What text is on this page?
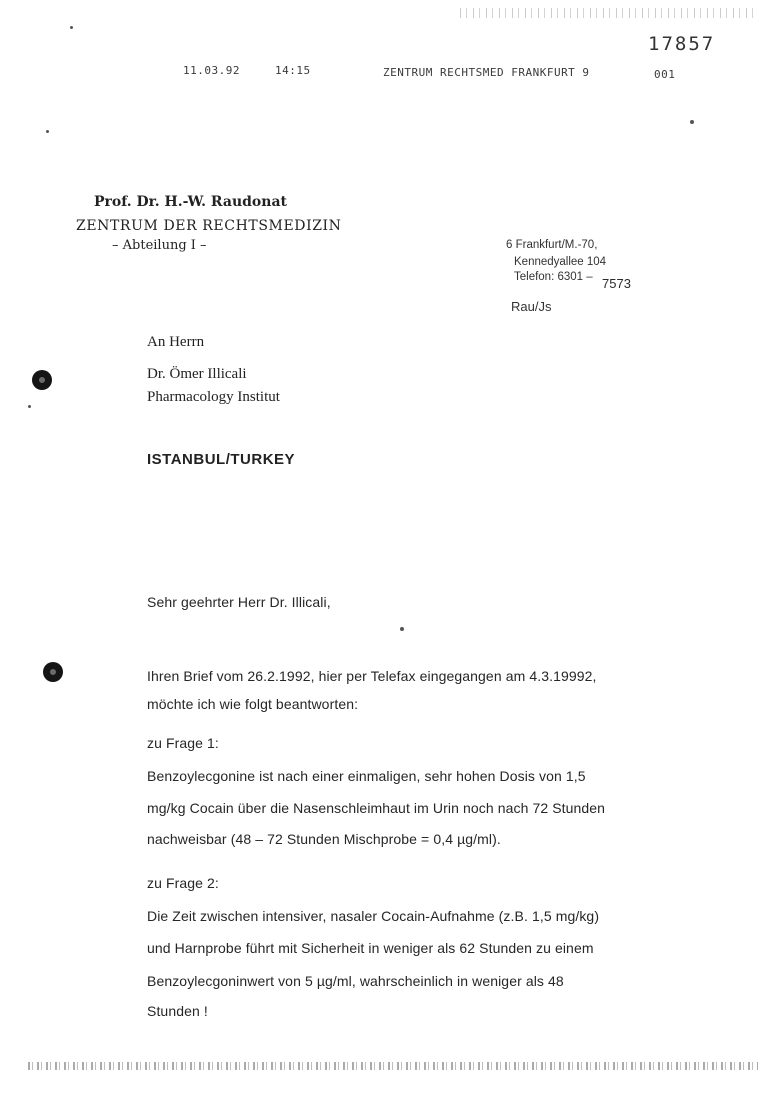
11.03.92	14:15	ZENTRUM RECHTSMED FRANKFURT 9	001
17857
Prof. Dr. H.-W. Raudonat
ZENTRUM DER RECHTSMEDIZIN
– Abteilung I –	6 Frankfurt/M.-70,
Kennedyallee 104
Telefon: 6301 – 7573
Rau/Js
An Herrn
Dr. Ömer Illicali
Pharmacology Institut
ISTANBUL/TURKEY
Sehr geehrter Herr Dr. Illicali,
Ihren Brief vom 26.2.1992, hier per Telefax eingegangen am 4.3.19992,
möchte ich wie folgt beantworten:
zu Frage 1:
Benzoylecgonine ist nach einer einmaligen, sehr hohen Dosis von 1,5
mg/kg Cocain über die Nasenschleimhaut im Urin noch nach 72 Stunden
nachweisbar (48 – 72 Stunden Mischprobe = 0,4 µg/ml).
zu Frage 2:
Die Zeit zwischen intensiver, nasaler Cocain-Aufnahme (z.B. 1,5 mg/kg)
und Harnprobe führt mit Sicherheit in weniger als 62 Stunden zu einem
Benzoylecgoninwert von 5 µg/ml, wahrscheinlich in weniger als 48
Stunden !
